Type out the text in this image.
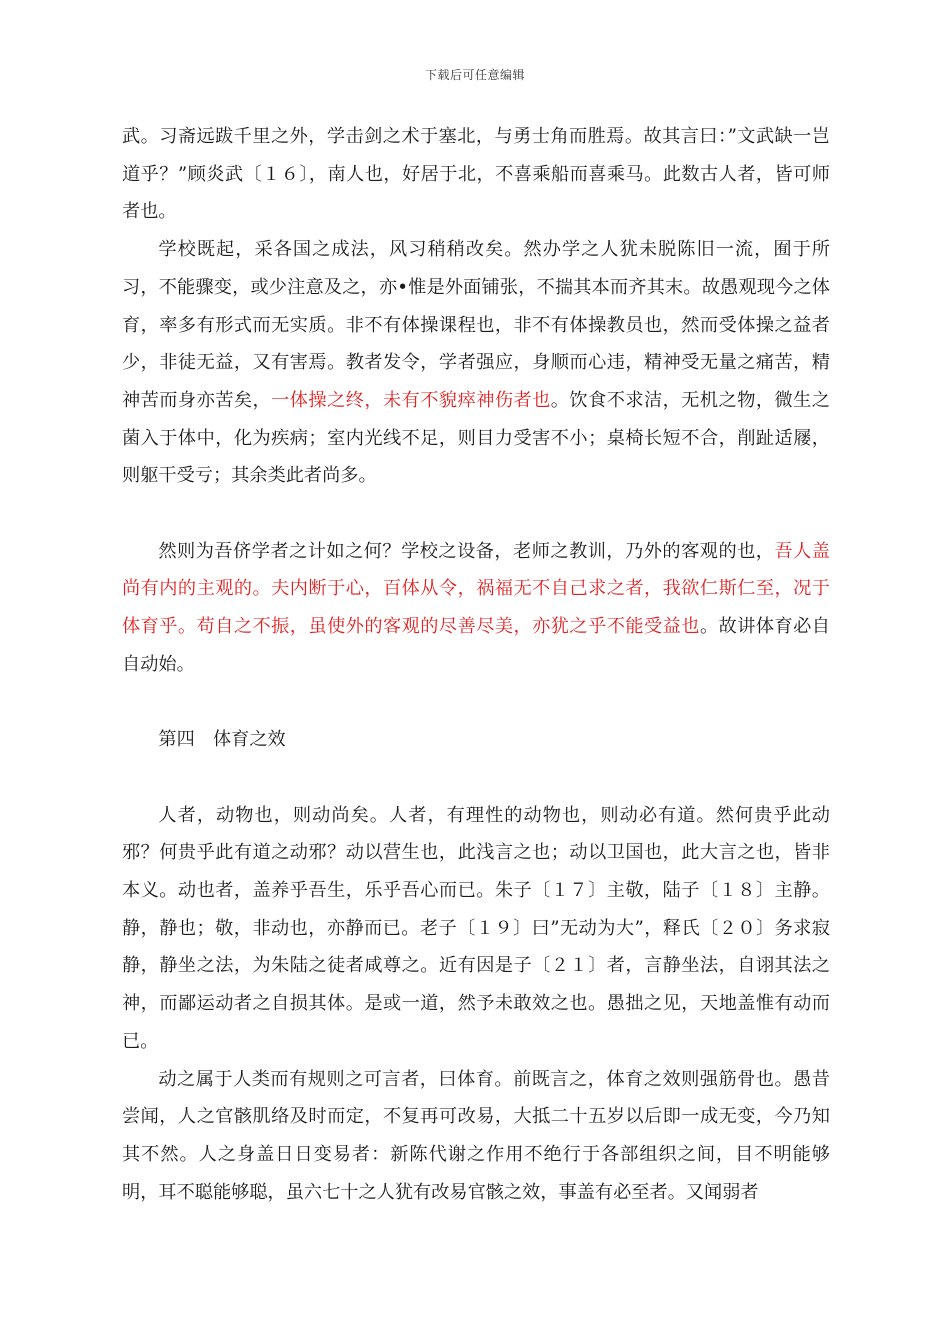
下载后可任意编辑

武。习斋远跋千里之外，学击剑之术于塞北，与勇士角而胜焉。故其言曰：”文武缺一岂道乎？”顾炎武〔１６〕，南人也，好居于北，不喜乘船而喜乘马。此数古人者，皆可师者也。

学校既起，采各国之成法，风习稍稍改矣。然办学之人犹未脱陈旧一流，囿于所习，不能骤变，或少注意及之，亦•惟是外面铺张，不揣其本而齐其末。故愚观现今之体育，率多有形式而无实质。非不有体操课程也，非不有体操教员也，然而受体操之益者少，非徒无益，又有害焉。教者发令，学者强应，身顺而心违，精神受无量之痛苦，精神苦而身亦苦矣，一体操之终，未有不貌瘁神伤者也。饮食不求洁，无机之物，微生之菌入于体中，化为疾病；室内光线不足，则目力受害不小；桌椅长短不合，削趾适屦，则躯干受亏；其余类此者尚多。

然则为吾侪学者之计如之何？学校之设备，老师之教训，乃外的客观的也，吾人盖尚有内的主观的。夫内断于心，百体从令，祸福无不自己求之者，我欲仁斯仁至，况于体育乎。苟自之不振，虽使外的客观的尽善尽美，亦犹之乎不能受益也。故讲体育必自自动始。

第四　体育之效

人者，动物也，则动尚矣。人者，有理性的动物也，则动必有道。然何贵乎此动邪？何贵乎此有道之动邪？动以营生也，此浅言之也；动以卫国也，此大言之也，皆非本义。动也者，盖养乎吾生，乐乎吾心而已。朱子〔１７〕主敬，陆子〔１８〕主静。静，静也；敬，非动也，亦静而已。老子〔１９〕曰”无动为大”，释氏〔２０〕务求寂静，静坐之法，为朱陆之徒者咸尊之。近有因是子〔２１〕者，言静坐法，自诩其法之神，而鄙运动者之自损其体。是或一道，然予未敢效之也。愚拙之见，天地盖惟有动而已。

动之属于人类而有规则之可言者，曰体育。前既言之，体育之效则强筋骨也。愚昔尝闻，人之官骸肌络及时而定，不复再可改易，大抵二十五岁以后即一成无变，今乃知其不然。人之身盖日日变易者：新陈代谢之作用不绝行于各部组织之间，目不明能够明，耳不聪能够聪，虽六七十之人犹有改易官骸之效，事盖有必至者。又闻弱者
